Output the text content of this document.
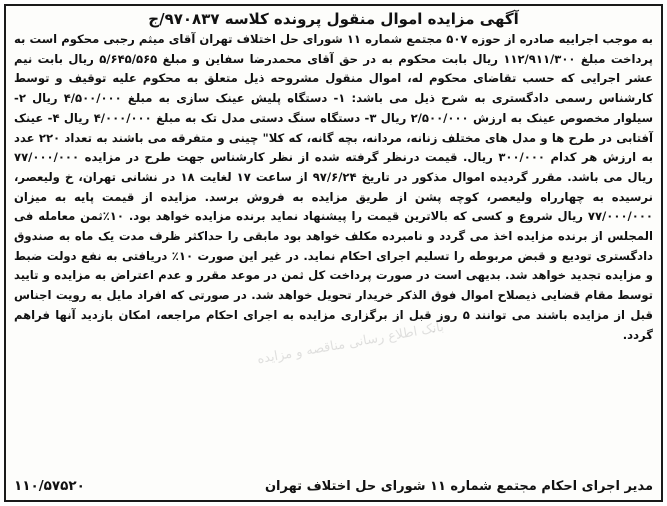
آگهی مزایده اموال منقول پرونده کلاسه ۹۷۰۸۳۷/ج
به موجب اجراییه صادره از حوزه ۵۰۷ مجتمع شماره ۱۱ شورای حل اختلاف تهران آقای میثم رجبی محکوم است به پرداخت مبلغ ۱۱۲/۹۱۱/۳۰۰ ریال بابت محکوم به در حق آقای محمدرضا سفاین و مبلغ ۵/۶۴۵/۵۶۵ ریال بابت نیم عشر اجرایی که حسب تقاضای محکوم له، اموال منقول مشروحه ذیل متعلق به محکوم علیه توقیف و توسط کارشناس رسمی دادگستری به شرح ذیل می باشد: ۱- دستگاه پلیش عینک سازی به مبلغ ۴/۵۰۰/۰۰۰ ریال ۲- سیلوار مخصوص عینک به ارزش ۲/۵۰۰/۰۰۰ ریال ۳- دستگاه سنگ دستی مدل تک به مبلغ ۴/۰۰۰/۰۰۰ ریال ۴- عینک آفتابی در طرح ها و مدل های مختلف زنانه، مردانه، بچه گانه، که کلا" چینی و متفرقه می باشند به تعداد ۲۲۰ عدد به ارزش هر کدام ۳۰۰/۰۰۰ ریال. قیمت درنظر گرفته شده از نظر کارشناس جهت طرح در مزایده ۷۷/۰۰۰/۰۰۰ ریال می باشد. مقرر گردیده اموال مذکور در تاریخ ۹۷/۶/۲۴ از ساعت ۱۷ لغایت ۱۸ در نشانی تهران، خ ولیعصر، نرسیده به چهارراه ولیعصر، کوچه پشن از طریق مزایده به فروش برسد. مزایده از قیمت پایه به میزان ۷۷/۰۰۰/۰۰۰ ریال شروع و کسی که بالاترین قیمت را پیشنهاد نماید برنده مزایده خواهد بود. ۱۰٪ثمن معامله فی المجلس از برنده مزایده اخذ می گردد و نامبرده مکلف خواهد بود مابقی را حداکثر ظرف مدت یک ماه به صندوق دادگستری تودیع و قبض مربوطه را تسلیم اجرای احکام نماید. در غیر این صورت ۱۰٪ دریافتی به نفع دولت ضبط و مزایده تجدید خواهد شد. بدیهی است در صورت پرداخت کل ثمن در موعد مقرر و عدم اعتراض به مزایده و تایید توسط مقام قضایی ذیصلاح اموال فوق الذکر خریدار تحویل خواهد شد. در صورتی که افراد مایل به رویت اجناس قبل از مزایده باشند می توانند ۵ روز قبل از برگزاری مزایده به اجرای احکام مراجعه، امکان بازدید آنها فراهم گردد.
بانک اطلاع رسانی مناقصه و مزایده
مدیر اجرای احکام مجتمع شماره ۱۱ شورای حل اختلاف تهران
۱۱۰/۵۷۵۲۰
